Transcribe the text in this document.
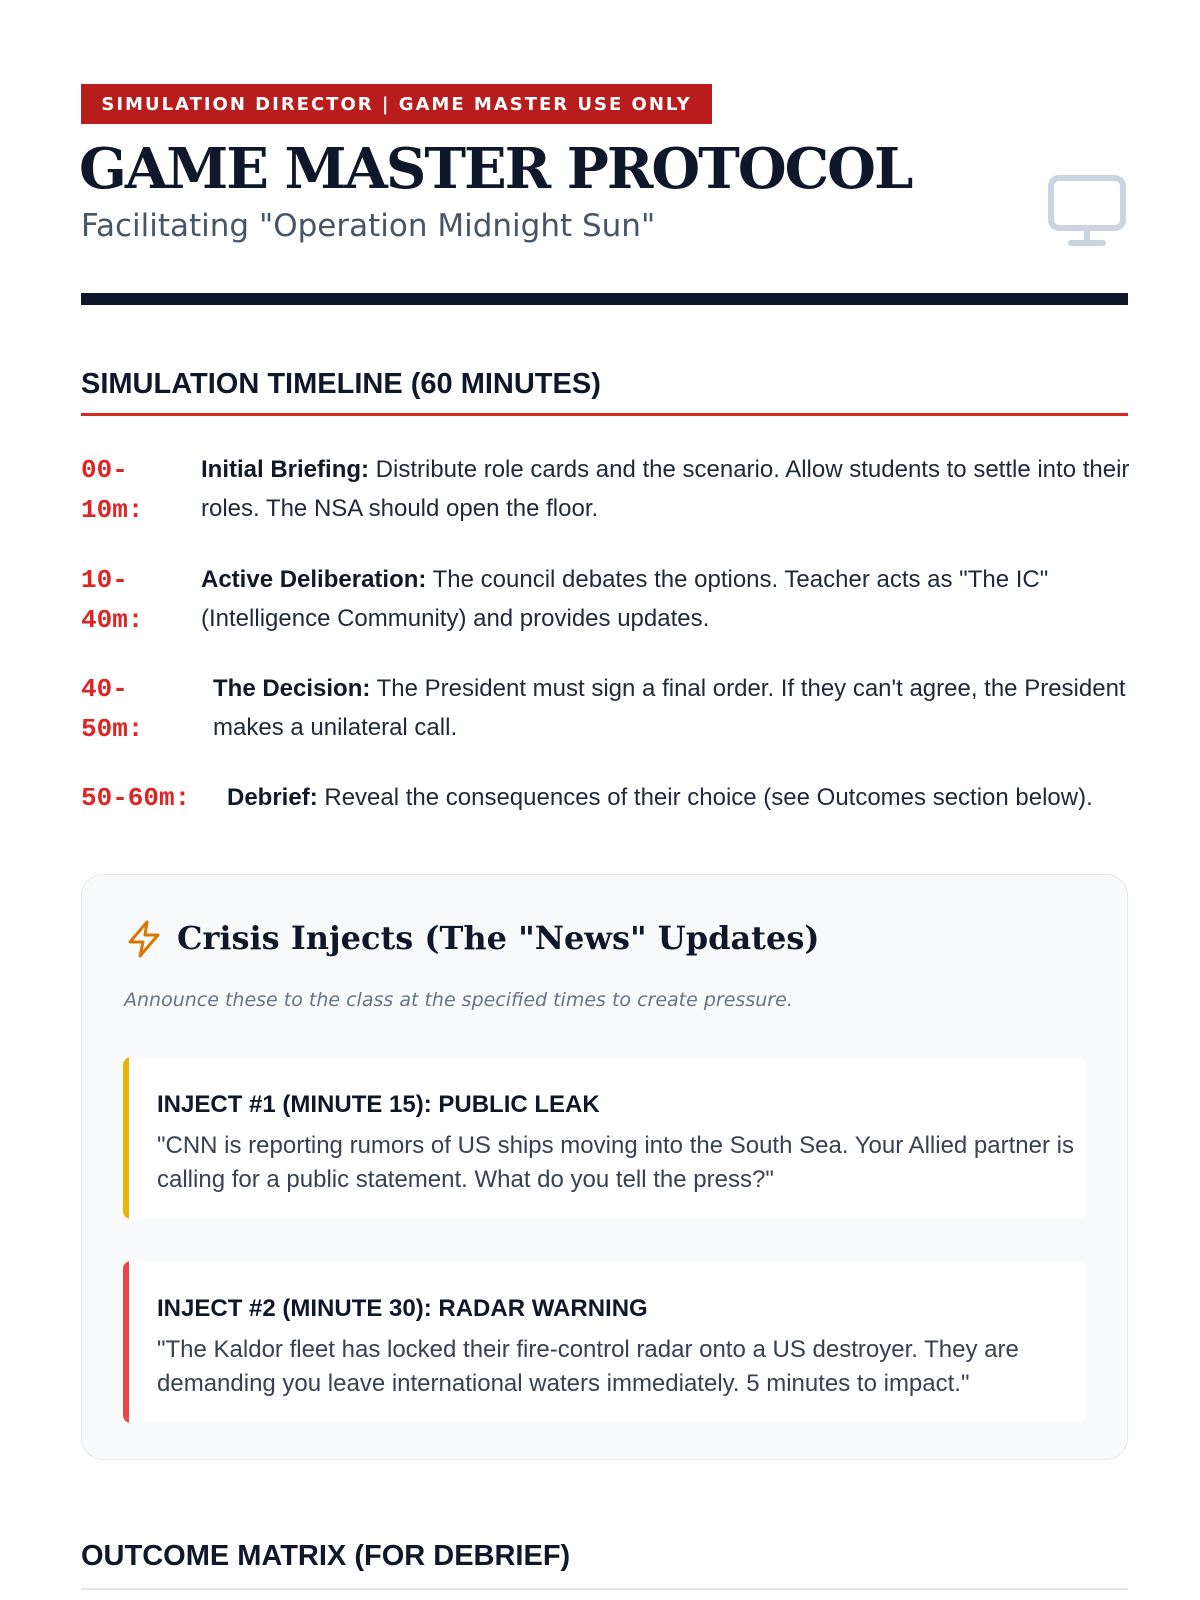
SIMULATION DIRECTOR | GAME MASTER USE ONLY
GAME MASTER PROTOCOL
Facilitating "Operation Midnight Sun"
SIMULATION TIMELINE (60 MINUTES)
00-10m:
Initial Briefing: Distribute role cards and the scenario. Allow students to settle into their roles. The NSA should open the floor.
10-40m:
Active Deliberation: The council debates the options. Teacher acts as "The IC" (Intelligence Community) and provides updates.
40-50m:
The Decision: The President must sign a final order. If they can't agree, the President makes a unilateral call.
50-60m: Debrief: Reveal the consequences of their choice (see Outcomes section below).
Crisis Injects (The "News" Updates)
Announce these to the class at the specified times to create pressure.
INJECT #1 (MINUTE 15): PUBLIC LEAK
"CNN is reporting rumors of US ships moving into the South Sea. Your Allied partner is calling for a public statement. What do you tell the press?"
INJECT #2 (MINUTE 30): RADAR WARNING
"The Kaldor fleet has locked their fire-control radar onto a US destroyer. They are demanding you leave international waters immediately. 5 minutes to impact."
OUTCOME MATRIX (FOR DEBRIEF)
